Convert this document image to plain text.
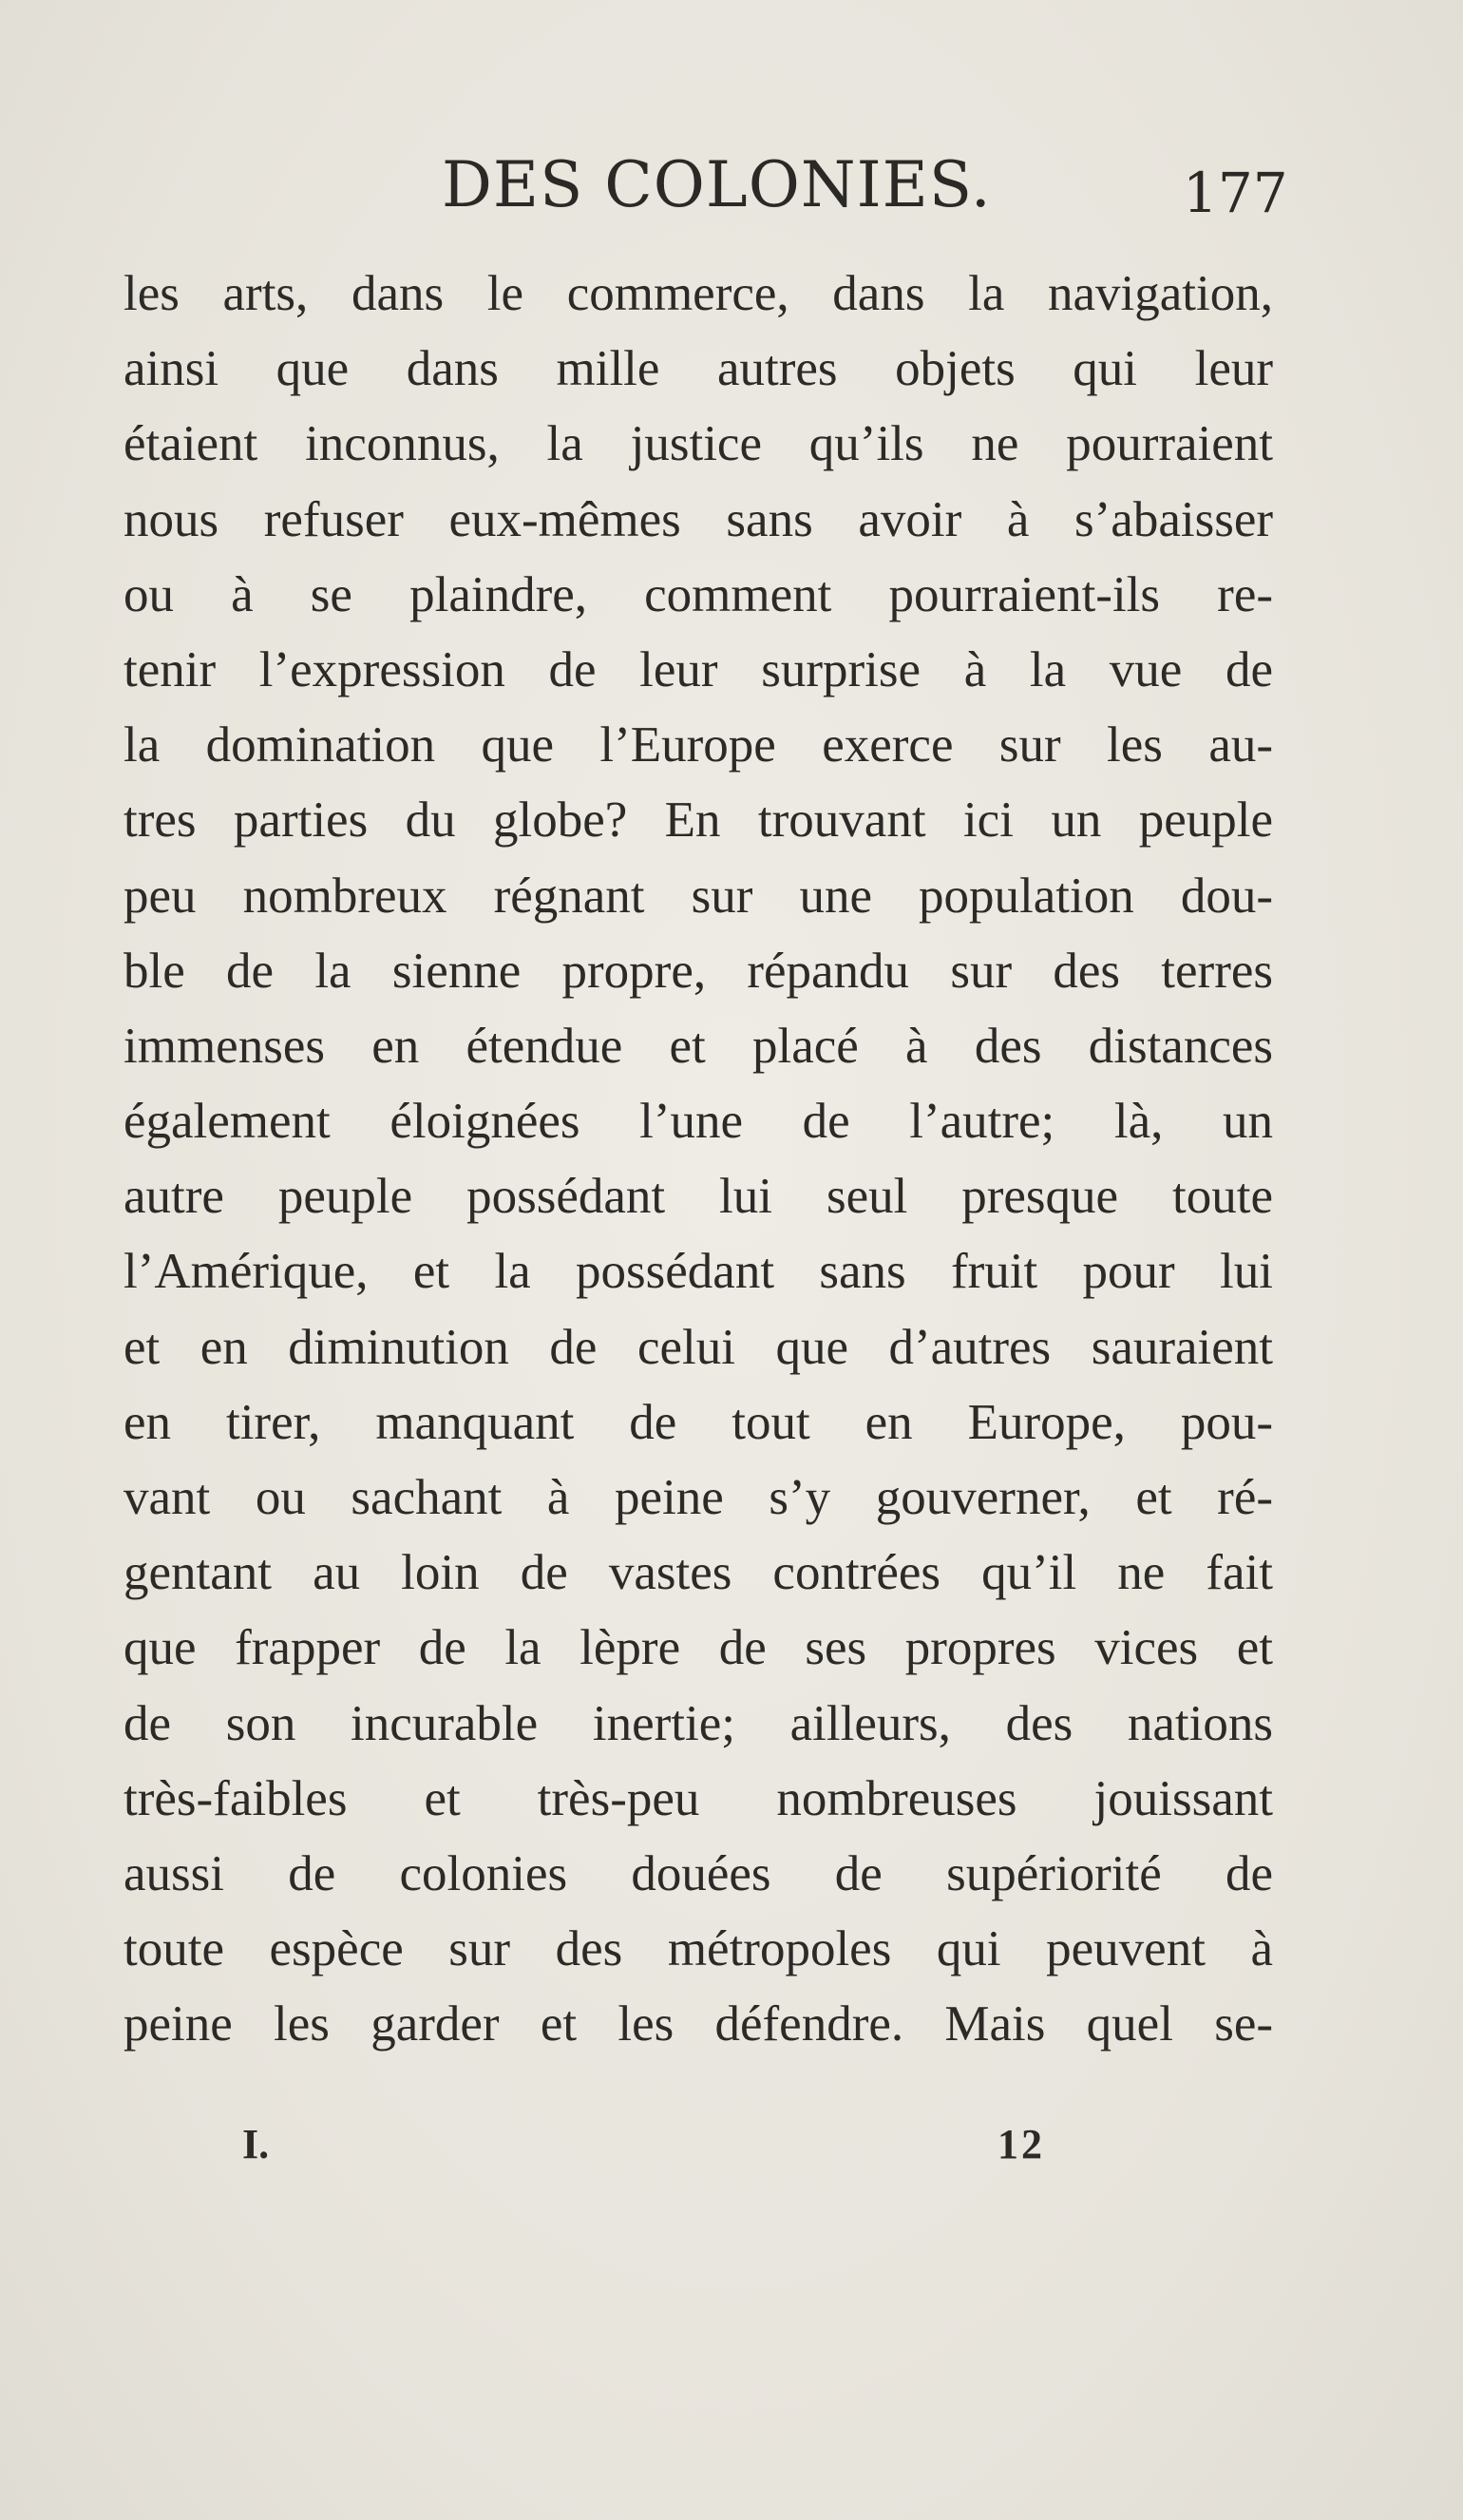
DES COLONIES.	177
les arts, dans le commerce, dans la navigation,
ainsi que dans mille autres objets qui leur
étaient inconnus, la justice qu’ils ne pourraient
nous refuser eux-mêmes sans avoir à s’abaisser
ou à se plaindre, comment pourraient-ils re-
tenir l’expression de leur surprise à la vue de
la domination que l’Europe exerce sur les au-
tres parties du globe? En trouvant ici un peuple
peu nombreux régnant sur une population dou-
ble de la sienne propre, répandu sur des terres
immenses en étendue et placé à des distances
également éloignées l’une de l’autre; là, un
autre peuple possédant lui seul presque toute
l’Amérique, et la possédant sans fruit pour lui
et en diminution de celui que d’autres sauraient
en tirer, manquant de tout en Europe, pou-
vant ou sachant à peine s’y gouverner, et ré-
gentant au loin de vastes contrées qu’il ne fait
que frapper de la lèpre de ses propres vices et
de son incurable inertie; ailleurs, des nations
très-faibles et très-peu nombreuses jouissant
aussi de colonies douées de supériorité de
toute espèce sur des métropoles qui peuvent à
peine les garder et les défendre. Mais quel se-
I.	12
